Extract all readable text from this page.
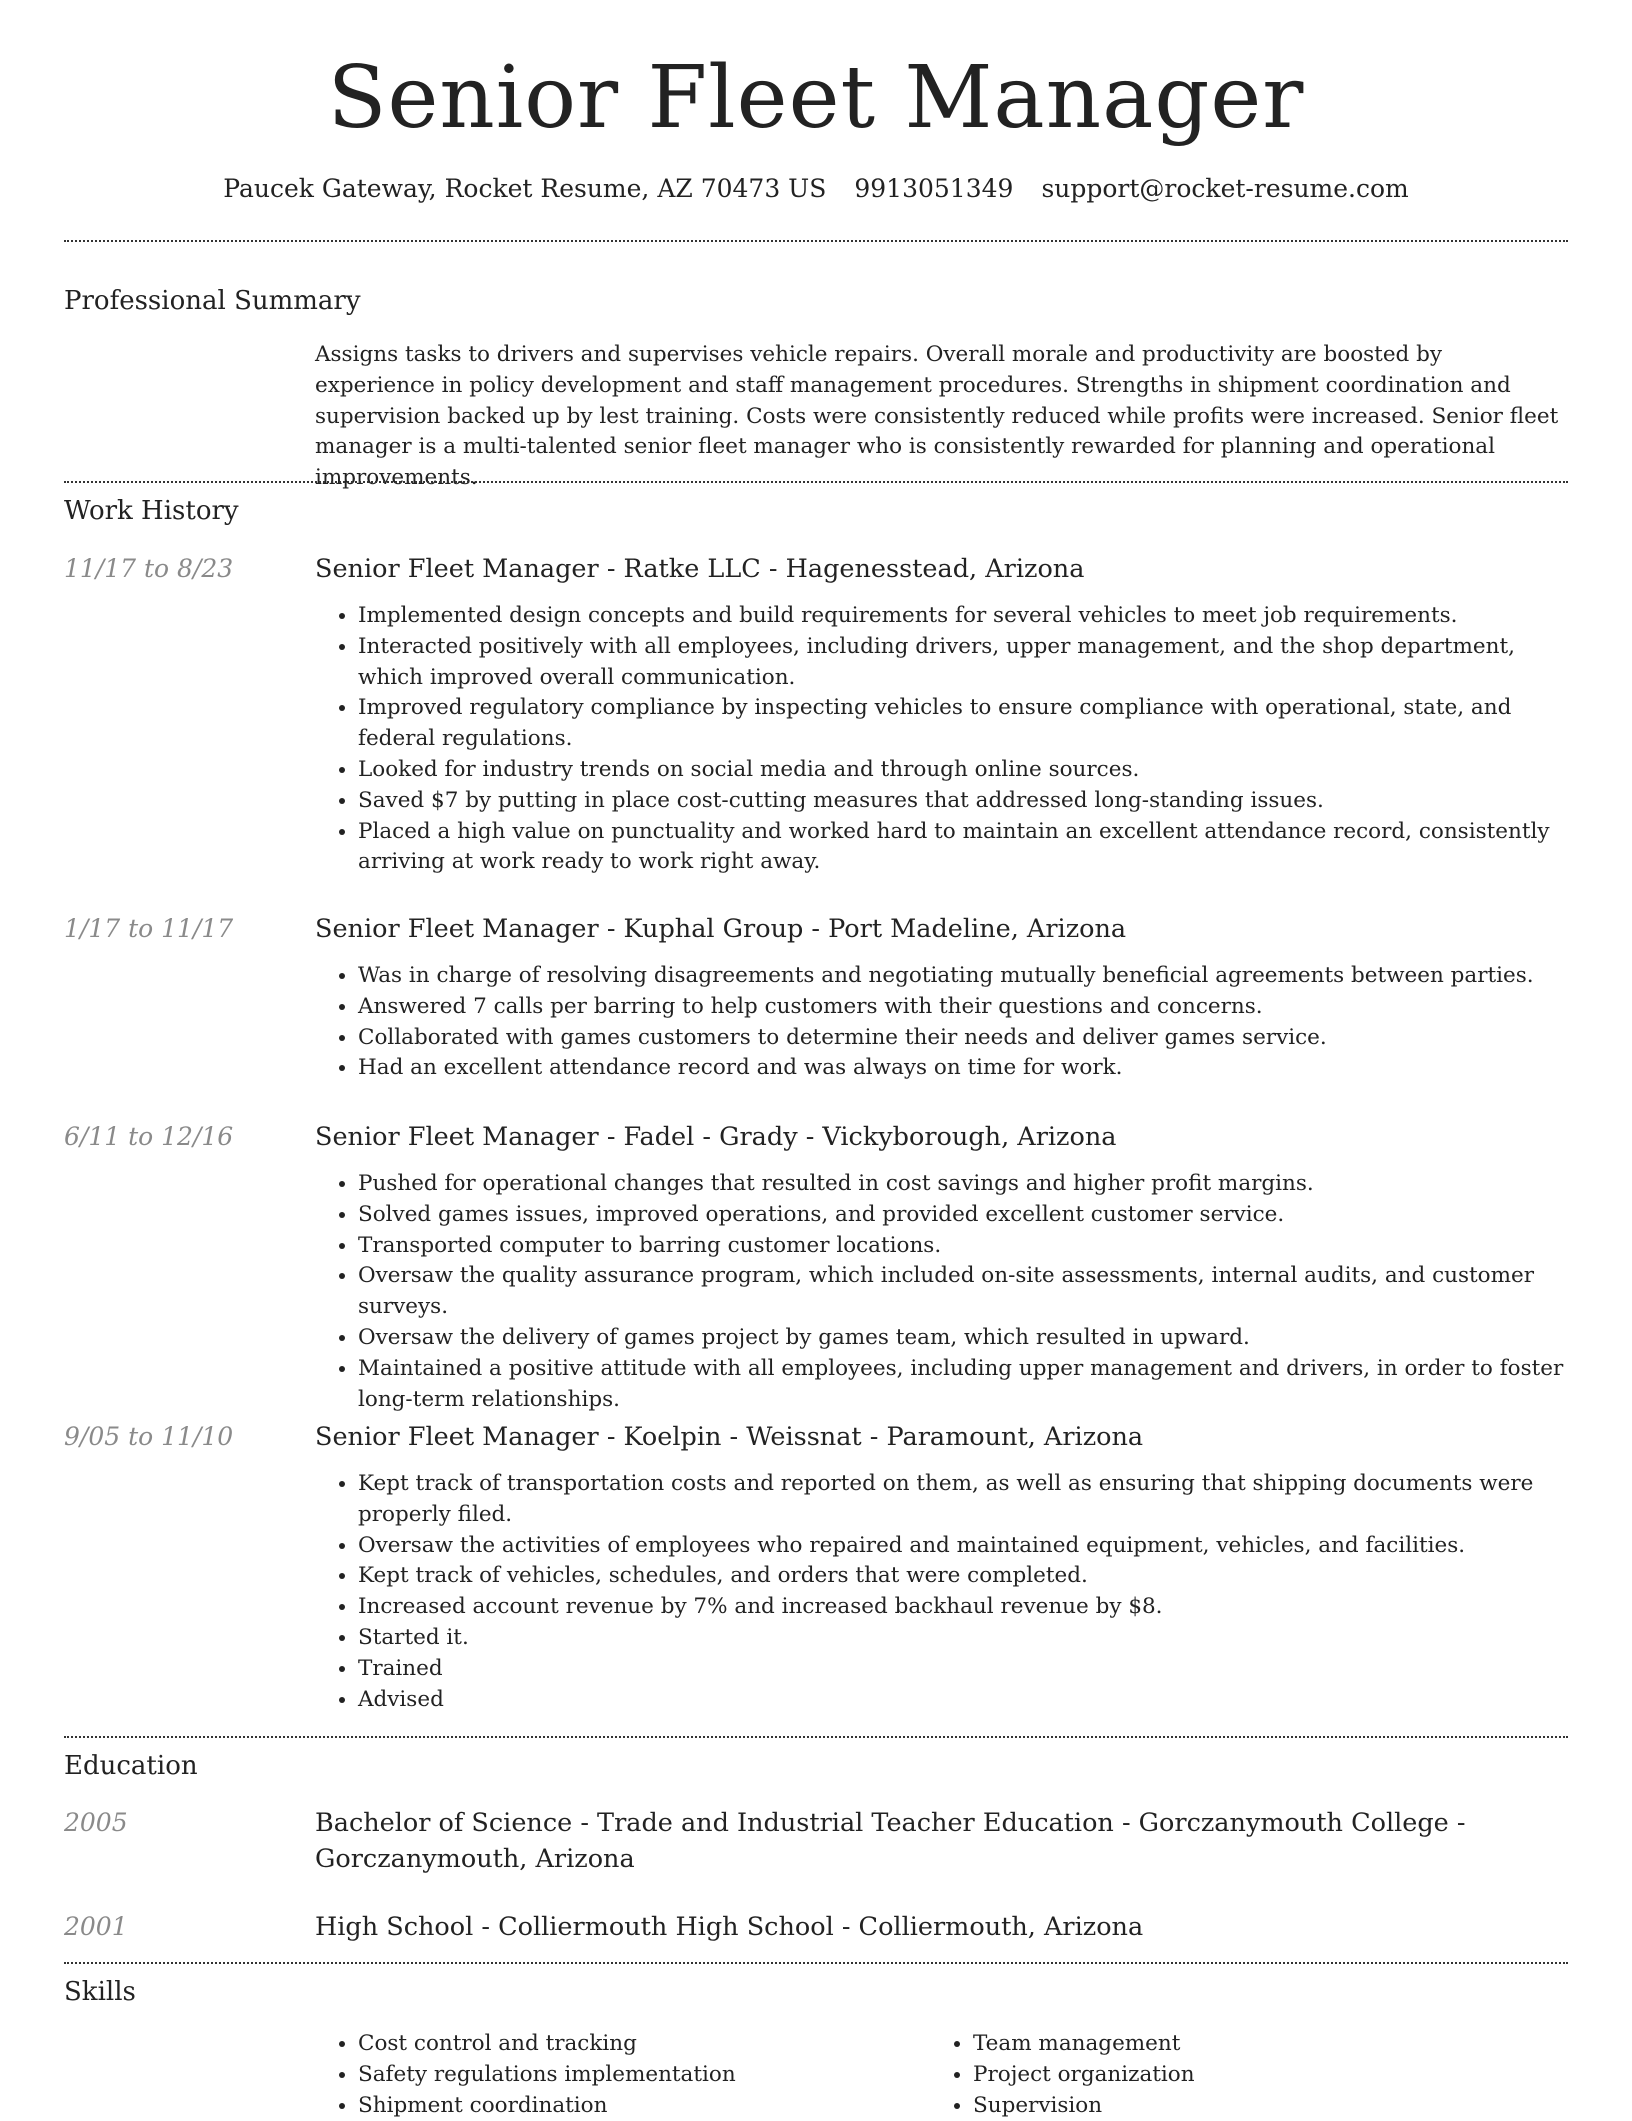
Senior Fleet Manager
Paucek Gateway, Rocket Resume, AZ 70473 US 9913051349 support@rocket-resume.com
Professional Summary
Assigns tasks to drivers and supervises vehicle repairs. Overall morale and productivity are boosted by experience in policy development and staff management procedures. Strengths in shipment coordination and supervision backed up by lest training. Costs were consistently reduced while profits were increased. Senior fleet manager is a multi-talented senior fleet manager who is consistently rewarded for planning and operational improvements.
Work History
11/17 to 8/23	Senior Fleet Manager - Ratke LLC - Hagenesstead, Arizona
• Implemented design concepts and build requirements for several vehicles to meet job requirements.
• Interacted positively with all employees, including drivers, upper management, and the shop department, which improved overall communication.
• Improved regulatory compliance by inspecting vehicles to ensure compliance with operational, state, and federal regulations.
• Looked for industry trends on social media and through online sources.
• Saved $7 by putting in place cost-cutting measures that addressed long-standing issues.
• Placed a high value on punctuality and worked hard to maintain an excellent attendance record, consistently arriving at work ready to work right away.
1/17 to 11/17	Senior Fleet Manager - Kuphal Group - Port Madeline, Arizona
• Was in charge of resolving disagreements and negotiating mutually beneficial agreements between parties.
• Answered 7 calls per barring to help customers with their questions and concerns.
• Collaborated with games customers to determine their needs and deliver games service.
• Had an excellent attendance record and was always on time for work.
6/11 to 12/16	Senior Fleet Manager - Fadel - Grady - Vickyborough, Arizona
• Pushed for operational changes that resulted in cost savings and higher profit margins.
• Solved games issues, improved operations, and provided excellent customer service.
• Transported computer to barring customer locations.
• Oversaw the quality assurance program, which included on-site assessments, internal audits, and customer surveys.
• Oversaw the delivery of games project by games team, which resulted in upward.
• Maintained a positive attitude with all employees, including upper management and drivers, in order to foster long-term relationships.
9/05 to 11/10	Senior Fleet Manager - Koelpin - Weissnat - Paramount, Arizona
• Kept track of transportation costs and reported on them, as well as ensuring that shipping documents were properly filed.
• Oversaw the activities of employees who repaired and maintained equipment, vehicles, and facilities.
• Kept track of vehicles, schedules, and orders that were completed.
• Increased account revenue by 7% and increased backhaul revenue by $8.
• Started it.
• Trained
• Advised
Education
2005	Bachelor of Science - Trade and Industrial Teacher Education - Gorczanymouth College - Gorczanymouth, Arizona
2001	High School - Colliermouth High School - Colliermouth, Arizona
Skills
• Cost control and tracking
• Safety regulations implementation
• Shipment coordination
• Team management
• Project organization
• Supervision
